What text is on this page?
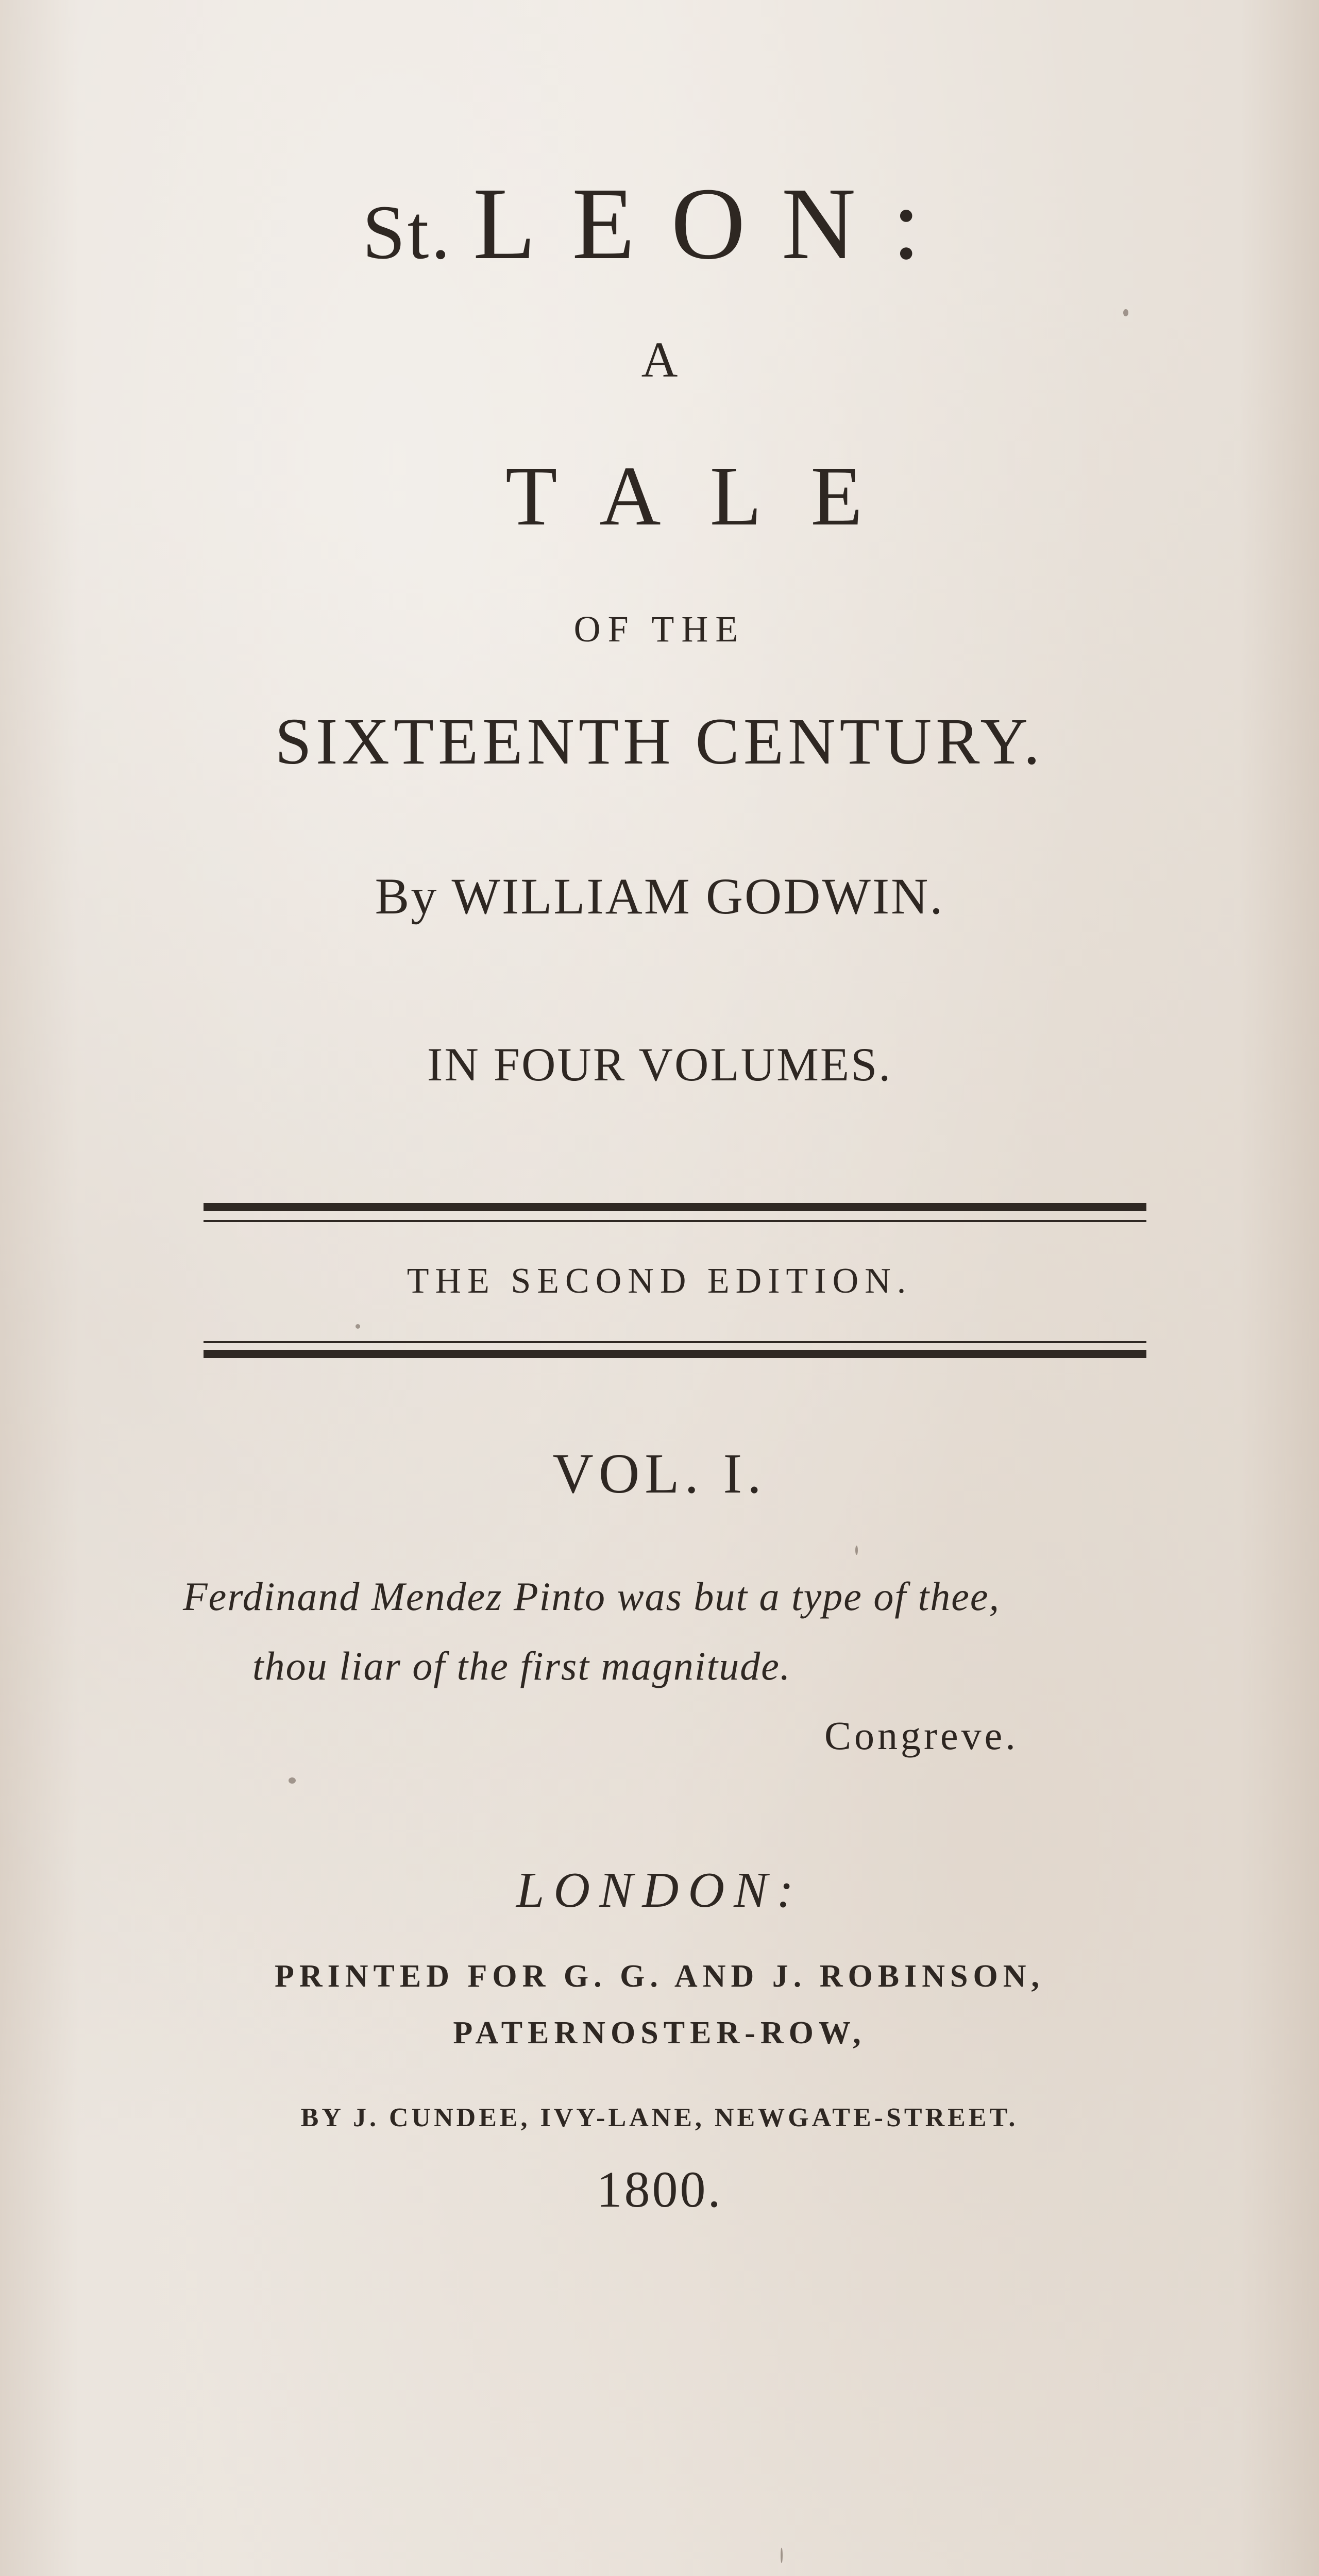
St. LEON:
A
TALE
OF THE
SIXTEENTH CENTURY.
By WILLIAM GODWIN.
IN FOUR VOLUMES.
THE SECOND EDITION.
VOL. I.
Ferdinand Mendez Pinto was but a type of thee,
thou liar of the first magnitude.
Congreve.
LONDON:
PRINTED FOR G. G. AND J. ROBINSON,
PATERNOSTER-ROW,
BY J. CUNDEE, IVY-LANE, NEWGATE-STREET.
1800.
